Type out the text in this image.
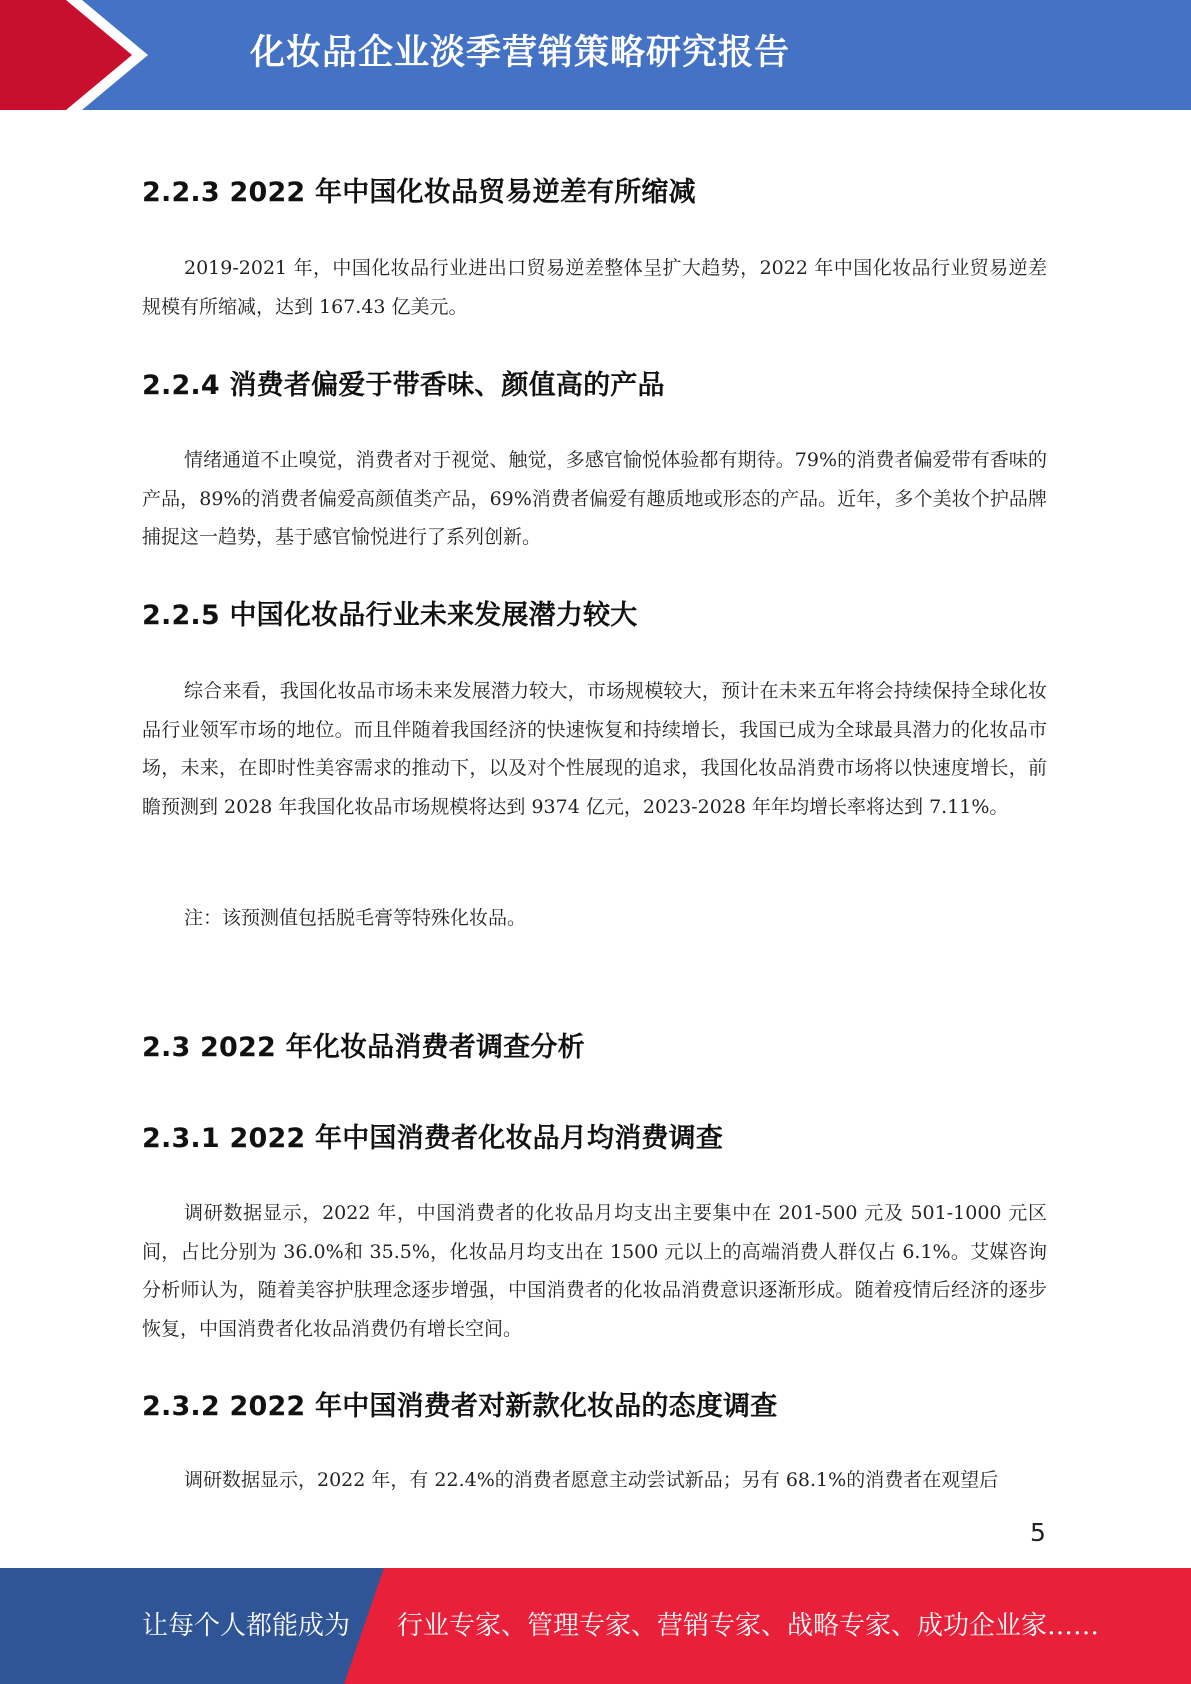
化妆品企业淡季营销策略研究报告
2.2.3 2022 年中国化妆品贸易逆差有所缩减

2019-2021 年，中国化妆品行业进出口贸易逆差整体呈扩大趋势，2022 年中国化妆品行业贸易逆差规模有所缩减，达到 167.43 亿美元。

2.2.4 消费者偏爱于带香味、颜值高的产品

情绪通道不止嗅觉，消费者对于视觉、触觉，多感官愉悦体验都有期待。79%的消费者偏爱带有香味的产品，89%的消费者偏爱高颜值类产品，69%消费者偏爱有趣质地或形态的产品。近年，多个美妆个护品牌捕捉这一趋势，基于感官愉悦进行了系列创新。

2.2.5 中国化妆品行业未来发展潜力较大

综合来看，我国化妆品市场未来发展潜力较大，市场规模较大，预计在未来五年将会持续保持全球化妆品行业领军市场的地位。而且伴随着我国经济的快速恢复和持续增长，我国已成为全球最具潜力的化妆品市场，未来，在即时性美容需求的推动下，以及对个性展现的追求，我国化妆品消费市场将以快速度增长，前瞻预测到 2028 年我国化妆品市场规模将达到 9374 亿元，2023-2028 年年均增长率将达到 7.11%。

注：该预测值包括脱毛膏等特殊化妆品。

2.3 2022 年化妆品消费者调查分析
2.3.1 2022 年中国消费者化妆品月均消费调查

调研数据显示，2022 年，中国消费者的化妆品月均支出主要集中在 201-500 元及 501-1000 元区间，占比分别为 36.0%和 35.5%，化妆品月均支出在 1500 元以上的高端消费人群仅占 6.1%。艾媒咨询分析师认为，随着美容护肤理念逐步增强，中国消费者的化妆品消费意识逐渐形成。随着疫情后经济的逐步恢复，中国消费者化妆品消费仍有增长空间。

2.3.2 2022 年中国消费者对新款化妆品的态度调查

调研数据显示，2022 年，有 22.4%的消费者愿意主动尝试新品；另有 68.1%的消费者在观望后

5
让每个人都能成为 行业专家、管理专家、营销专家、战略专家、成功企业家……
